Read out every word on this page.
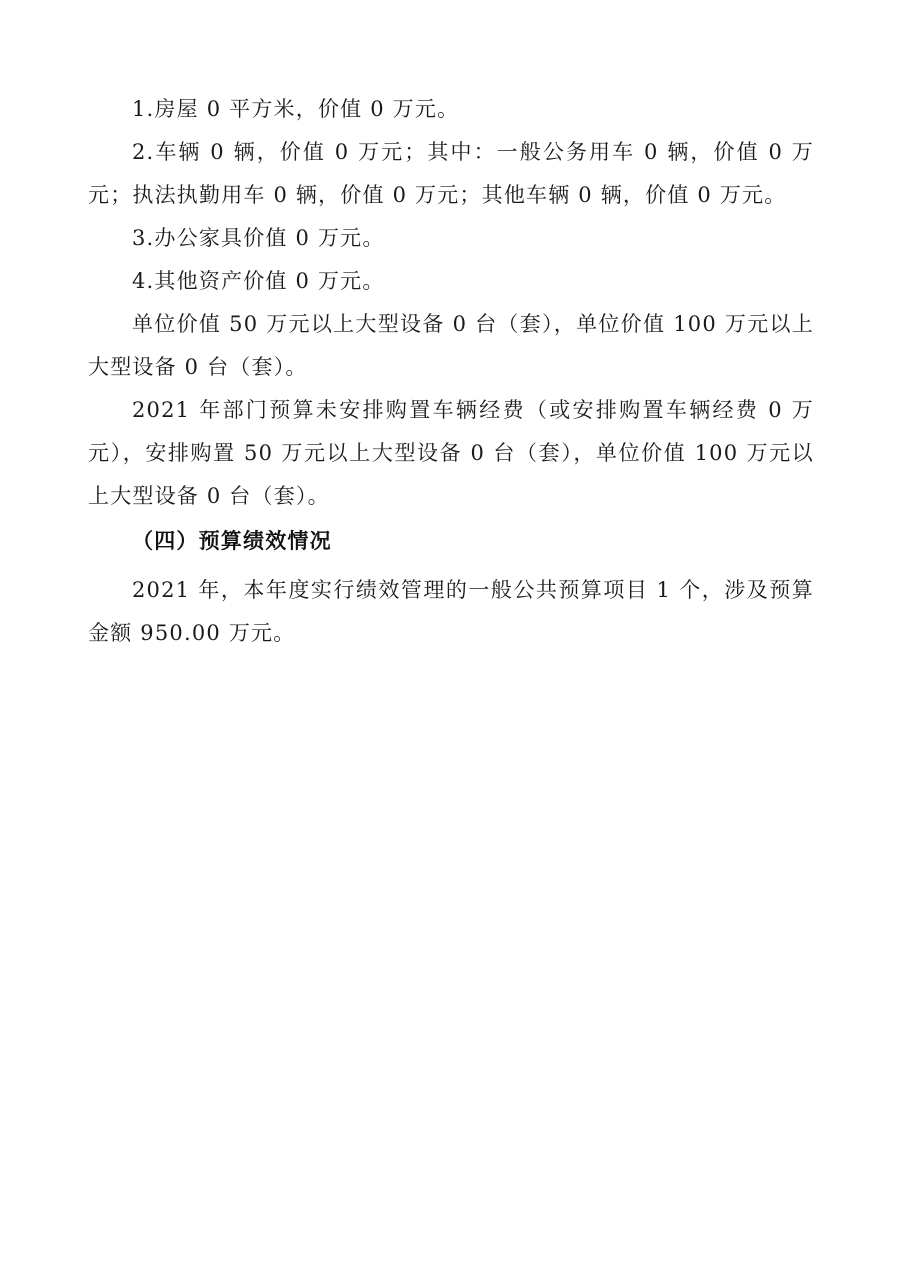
1.房屋 0 平方米，价值 0 万元。

2.车辆 0 辆，价值 0 万元；其中：一般公务用车 0 辆，价值 0 万元；执法执勤用车 0 辆，价值 0 万元；其他车辆 0 辆，价值 0 万元。

3.办公家具价值 0 万元。

4.其他资产价值 0 万元。

单位价值 50 万元以上大型设备 0 台（套），单位价值 100 万元以上大型设备 0 台（套）。

2021 年部门预算未安排购置车辆经费（或安排购置车辆经费 0 万元），安排购置 50 万元以上大型设备 0 台（套），单位价值 100 万元以上大型设备 0 台（套）。

（四）预算绩效情况

2021 年，本年度实行绩效管理的一般公共预算项目 1 个，涉及预算金额 950.00 万元。
